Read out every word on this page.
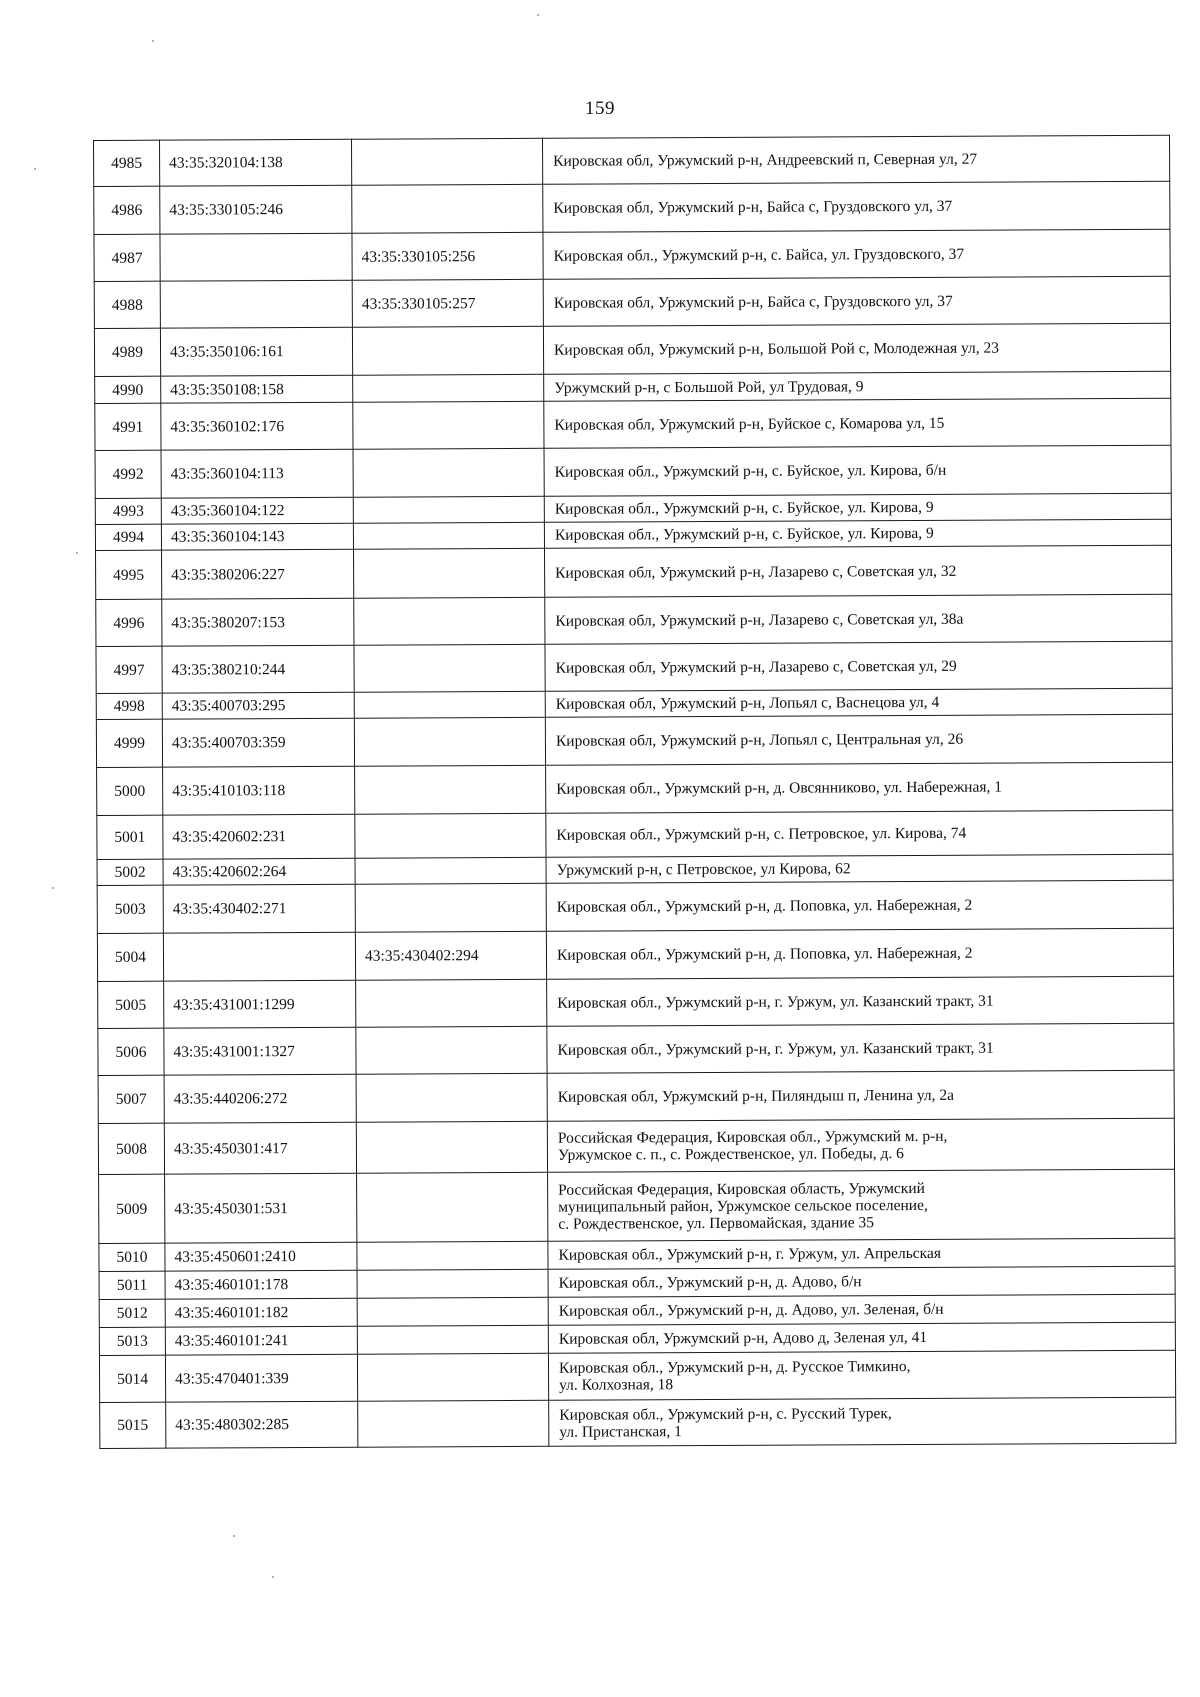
159
4985	43:35:320104:138		Кировская обл, Уржумский р-н, Андреевский п, Северная ул, 27

4986	43:35:330105:246		Кировская обл, Уржумский р-н, Байса с, Груздовского ул, 37

4987		43:35:330105:256	Кировская обл., Уржумский р-н, с. Байса, ул. Груздовского, 37

4988		43:35:330105:257	Кировская обл, Уржумский р-н, Байса с, Груздовского ул, 37

4989	43:35:350106:161		Кировская обл, Уржумский р-н, Большой Рой с, Молодежная ул, 23

4990	43:35:350108:158		Уржумский р-н, с Большой Рой, ул Трудовая, 9

4991	43:35:360102:176		Кировская обл, Уржумский р-н, Буйское с, Комарова ул, 15

4992	43:35:360104:113		Кировская обл., Уржумский р-н, с. Буйское, ул. Кирова, б/н

4993	43:35:360104:122		Кировская обл., Уржумский р-н, с. Буйское, ул. Кирова, 9

4994	43:35:360104:143		Кировская обл., Уржумский р-н, с. Буйское, ул. Кирова, 9

4995	43:35:380206:227		Кировская обл, Уржумский р-н, Лазарево с, Советская ул, 32

4996	43:35:380207:153		Кировская обл, Уржумский р-н, Лазарево с, Советская ул, 38а

4997	43:35:380210:244		Кировская обл, Уржумский р-н, Лазарево с, Советская ул, 29

4998	43:35:400703:295		Кировская обл, Уржумский р-н, Лопьял с, Васнецова ул, 4

4999	43:35:400703:359		Кировская обл, Уржумский р-н, Лопьял с, Центральная ул, 26

5000	43:35:410103:118		Кировская обл., Уржумский р-н, д. Овсянниково, ул. Набережная, 1

5001	43:35:420602:231		Кировская обл., Уржумский р-н, с. Петровское, ул. Кирова, 74

5002	43:35:420602:264		Уржумский р-н, с Петровское, ул Кирова, 62

5003	43:35:430402:271		Кировская обл., Уржумский р-н, д. Поповка, ул. Набережная, 2

5004		43:35:430402:294	Кировская обл., Уржумский р-н, д. Поповка, ул. Набережная, 2

5005	43:35:431001:1299		Кировская обл., Уржумский р-н, г. Уржум, ул. Казанский тракт, 31

5006	43:35:431001:1327		Кировская обл., Уржумский р-н, г. Уржум, ул. Казанский тракт, 31

5007	43:35:440206:272		Кировская обл, Уржумский р-н, Пиляндыш п, Ленина ул, 2а

5008	43:35:450301:417		Российская Федерация, Кировская обл., Уржумский м. р-н,
Уржумское с. п., с. Рождественское, ул. Победы, д. 6

5009	43:35:450301:531		Российская Федерация, Кировская область, Уржумский
муниципальный район, Уржумское сельское поселение,
с. Рождественское, ул. Первомайская, здание 35

5010	43:35:450601:2410		Кировская обл., Уржумский р-н, г. Уржум, ул. Апрельская

5011	43:35:460101:178		Кировская обл., Уржумский р-н, д. Адово, б/н

5012	43:35:460101:182		Кировская обл., Уржумский р-н, д. Адово, ул. Зеленая, б/н

5013	43:35:460101:241		Кировская обл, Уржумский р-н, Адово д, Зеленая ул, 41

5014	43:35:470401:339		Кировская обл., Уржумский р-н, д. Русское Тимкино,
ул. Колхозная, 18

5015	43:35:480302:285		Кировская обл., Уржумский р-н, с. Русский Турек,
ул. Пристанская, 1
